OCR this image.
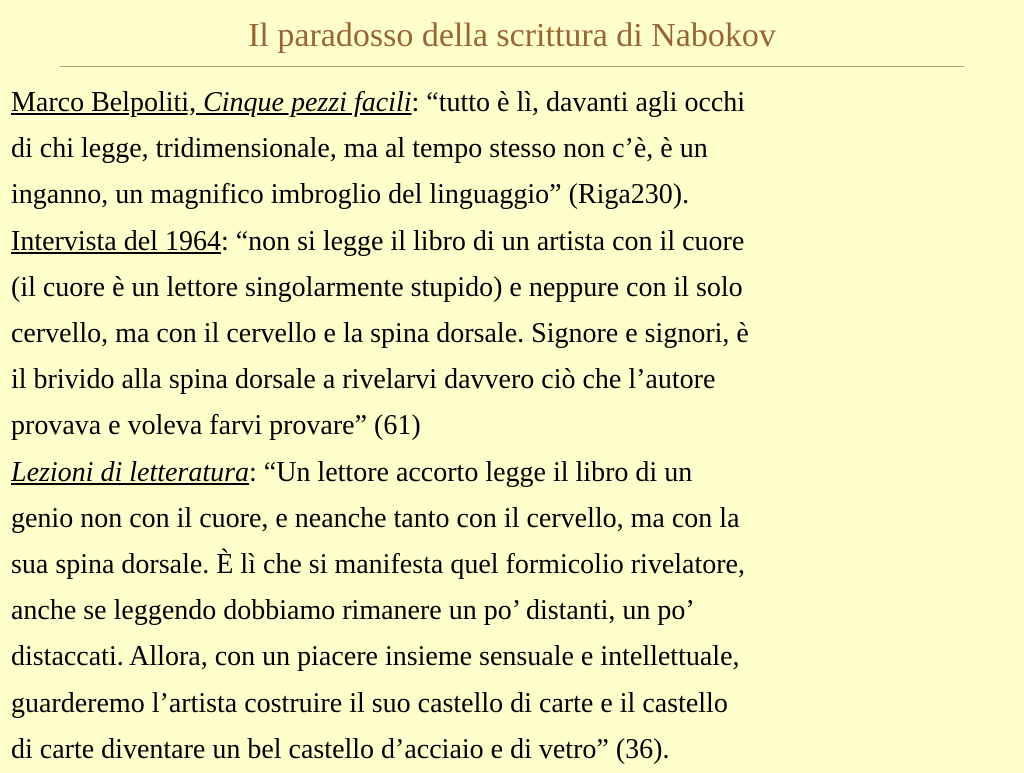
Il paradosso della scrittura di Nabokov
Marco Belpoliti, Cinque pezzi facili: “tutto è lì, davanti agli occhi
di chi legge, tridimensionale, ma al tempo stesso non c’è, è un
inganno, un magnifico imbroglio del linguaggio” (Riga230).
Intervista del 1964: “non si legge il libro di un artista con il cuore
(il cuore è un lettore singolarmente stupido) e neppure con il solo
cervello, ma con il cervello e la spina dorsale. Signore e signori, è
il brivido alla spina dorsale a rivelarvi davvero ciò che l’autore
provava e voleva farvi provare” (61)
Lezioni di letteratura: “Un lettore accorto legge il libro di un
genio non con il cuore, e neanche tanto con il cervello, ma con la
sua spina dorsale. È lì che si manifesta quel formicolio rivelatore,
anche se leggendo dobbiamo rimanere un po’ distanti, un po’
distaccati. Allora, con un piacere insieme sensuale e intellettuale,
guarderemo l’artista costruire il suo castello di carte e il castello
di carte diventare un bel castello d’acciaio e di vetro” (36).
